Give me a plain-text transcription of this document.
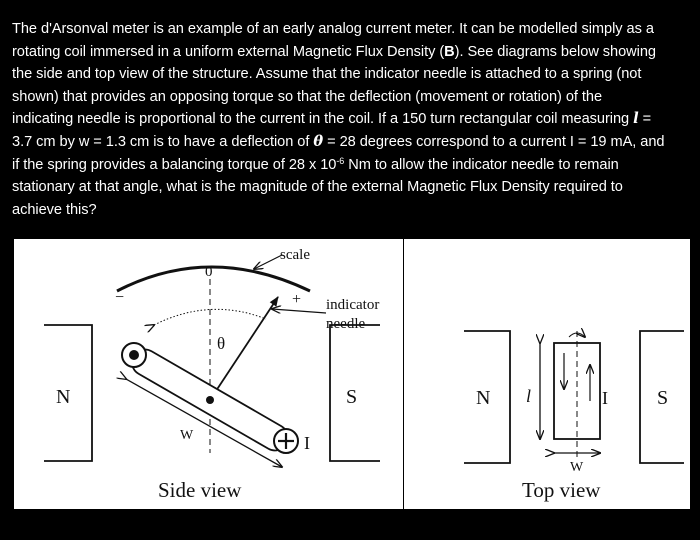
The d'Arsonval meter is an example of an early analog current meter. It can be modelled simply as a
rotating coil immersed in a uniform external Magnetic Flux Density (B). See diagrams below showing
the side and top view of the structure. Assume that the indicator needle is attached to a spring (not
shown) that provides an opposing torque so that the deflection (movement or rotation) of the
indicating needle is proportional to the current in the coil. If a 150 turn rectangular coil measuring l =
3.7 cm by w = 1.3 cm is to have a deflection of θ = 28 degrees correspond to a current I = 19 mA, and
if the spring provides a balancing torque of 28 x $10^{-6}$ Nm to allow the indicator needle to remain
stationary at that angle, what is the magnitude of the external Magnetic Flux Density required to
achieve this?
N	S
0
−	+
scale
θ
indicator
needle
I
W
Side view
N	S
l	I
W
Top view
